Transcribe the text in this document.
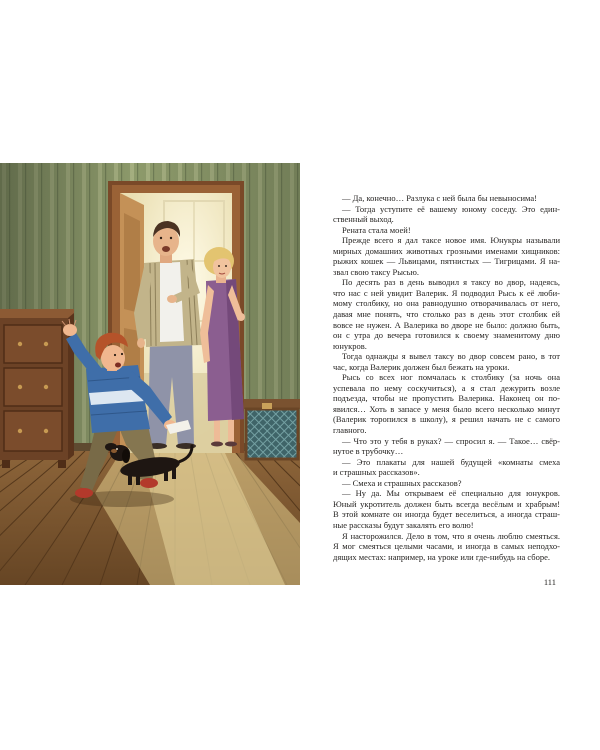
— Да, конечно… Разлука с ней была бы невыносима!
— Тогда уступите её вашему юному соседу. Это един-
ственный выход.
Рената стала моей!
Прежде всего я дал таксе новое имя. Юнукры называли
мирных домашних животных грозными именами хищников:
рыжих кошек — Львицами, пятнистых — Тигрицами. Я на-
звал свою таксу Рысью.
По десять раз в день выводил я таксу во двор, надеясь,
что нас с ней увидит Валерик. Я подводил Рысь к её люби-
мому столбику, но она равнодушно отворачивалась от него,
давая мне понять, что столько раз в день этот столбик ей
вовсе не нужен. А Валерика во дворе не было: должно быть,
он с утра до вечера готовился к своему знаменитому дню
юнукров.
Тогда однажды я вывел таксу во двор совсем рано, в тот
час, когда Валерик должен был бежать на уроки.
Рысь со всех ног помчалась к столбику (за ночь она
успевала по нему соскучиться), а я стал дежурить возле
подъезда, чтобы не пропустить Валерика. Наконец он по-
явился… Хоть в запасе у меня было всего несколько минут
(Валерик торопился в школу), я решил начать не с самого
главного.
— Что это у тебя в руках? — спросил я. — Такое… свёр-
нутое в трубочку…
— Это плакаты для нашей будущей «комнаты смеха
и страшных рассказов».
— Смеха и страшных рассказов?
— Ну да. Мы открываем её специально для юнукров.
Юный укротитель должен быть всегда весёлым и храбрым!
В этой комнате он иногда будет веселиться, а иногда страш-
ные рассказы будут закалять его волю!
Я насторожился. Дело в том, что я очень люблю смеяться.
Я мог смеяться целыми часами, и иногда в самых неподхо-
дящих местах: например, на уроке или где-нибудь на сборе.
111
